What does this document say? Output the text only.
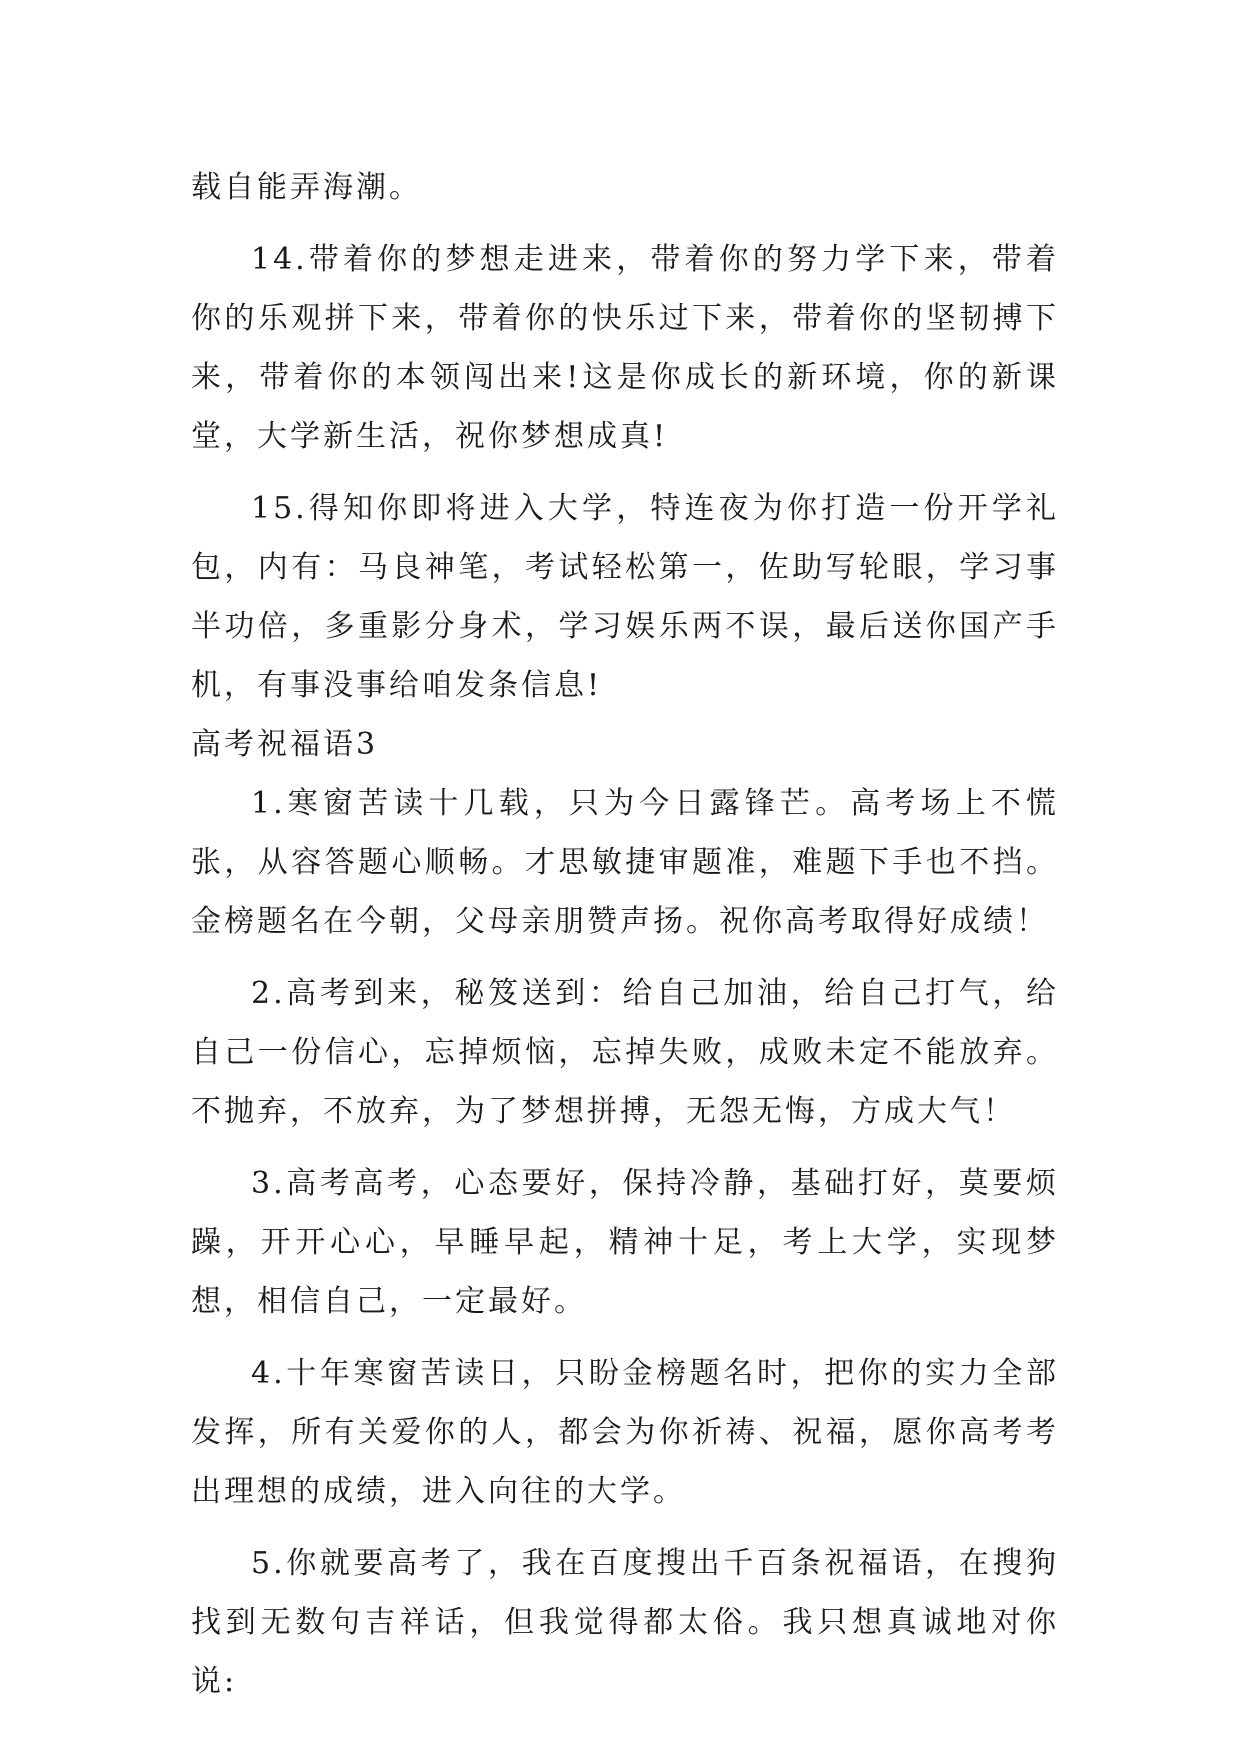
载自能弄海潮。

14.带着你的梦想走进来，带着你的努力学下来，带着你的乐观拼下来，带着你的快乐过下来，带着你的坚韧搏下来，带着你的本领闯出来!这是你成长的新环境，你的新课堂，大学新生活，祝你梦想成真!

15.得知你即将进入大学，特连夜为你打造一份开学礼包，内有：马良神笔，考试轻松第一，佐助写轮眼，学习事半功倍，多重影分身术，学习娱乐两不误，最后送你国产手机，有事没事给咱发条信息!

高考祝福语3

1.寒窗苦读十几载，只为今日露锋芒。高考场上不慌张，从容答题心顺畅。才思敏捷审题准，难题下手也不挡。金榜题名在今朝，父母亲朋赞声扬。祝你高考取得好成绩！

2.高考到来，秘笈送到：给自己加油，给自己打气，给自己一份信心，忘掉烦恼，忘掉失败，成败未定不能放弃。不抛弃，不放弃，为了梦想拼搏，无怨无悔，方成大气！

3.高考高考，心态要好，保持冷静，基础打好，莫要烦躁，开开心心，早睡早起，精神十足，考上大学，实现梦想，相信自己，一定最好。

4.十年寒窗苦读日，只盼金榜题名时，把你的实力全部发挥，所有关爱你的人，都会为你祈祷、祝福，愿你高考考出理想的成绩，进入向往的大学。

5.你就要高考了，我在百度搜出千百条祝福语，在搜狗找到无数句吉祥话，但我觉得都太俗。我只想真诚地对你说:
